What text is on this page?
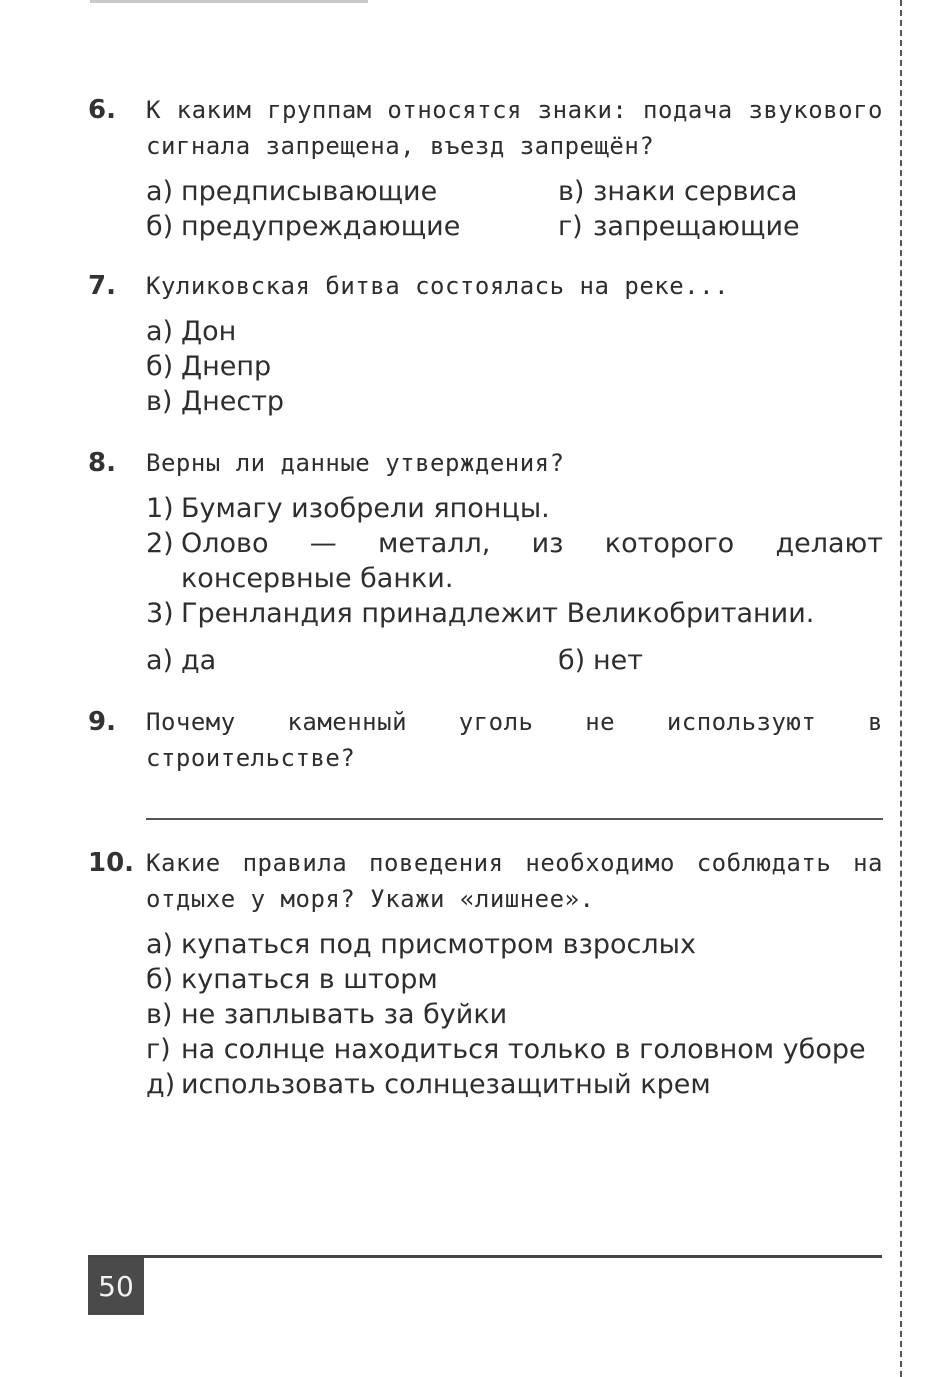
6. К каким группам относятся знаки: подача звукового сигнала запрещена, въезд запрещён?
а) предписывающие	в) знаки сервиса
б) предупреждающие	г) запрещающие
7. Куликовская битва состоялась на реке...
а) Дон
б) Днепр
в) Днестр
8. Верны ли данные утверждения?
1) Бумагу изобрели японцы.
2) Олово — металл, из которого делают консервные банки.
3) Гренландия принадлежит Великобритании.
а) да	б) нет
9. Почему каменный уголь не используют в строительстве?
10. Какие правила поведения необходимо соблюдать на отдыхе у моря? Укажи «лишнее».
а) купаться под присмотром взрослых
б) купаться в шторм
в) не заплывать за буйки
г) на солнце находиться только в головном уборе
д) использовать солнцезащитный крем
50
